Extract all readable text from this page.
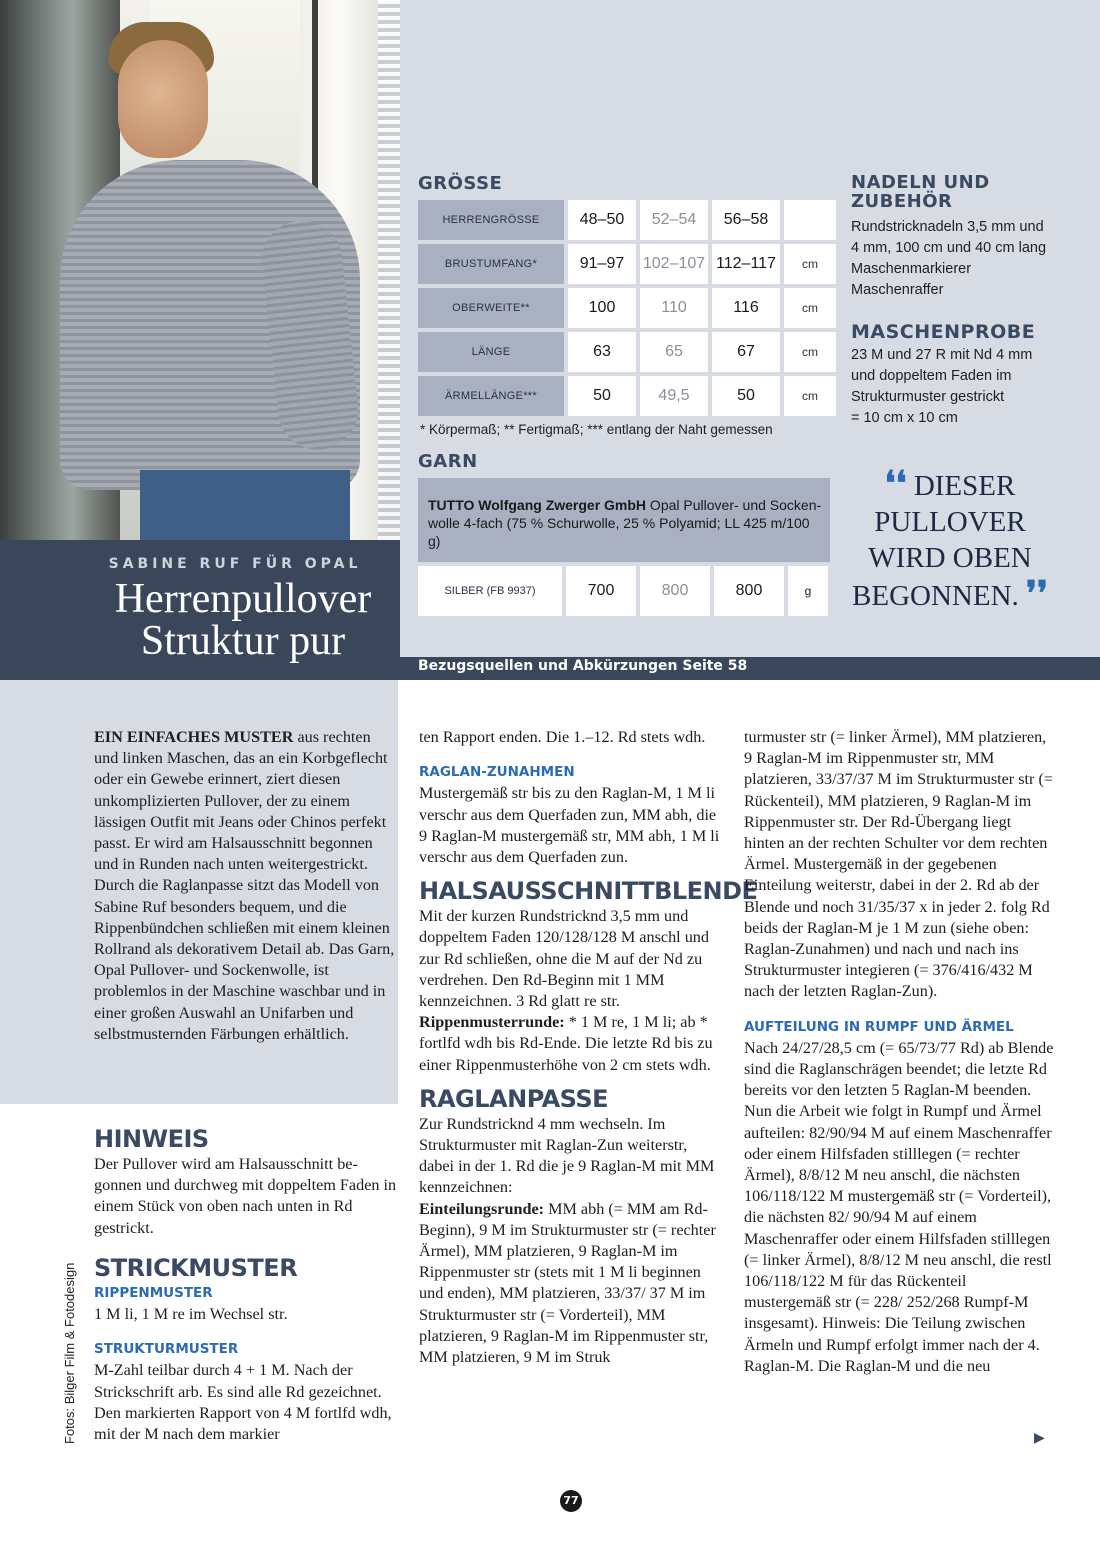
SABINE RUF FÜR OPAL
Herrenpullover
Struktur pur
Bezugsquellen und Abkürzungen Seite 58
GRÖSSE
HERRENGRÖSSE	48–50	52–54	56–58	
BRUSTUMFANG*	91–97	102–107	112–117	cm
OBERWEITE**	100	110	116	cm
LÄNGE	63	65	67	cm
ÄRMELLÄNGE***	50	49,5	50	cm
* Körpermaß; ** Fertigmaß; *** entlang der Naht gemessen
GARN
TUTTO Wolfgang Zwerger GmbH Opal Pullover- und Sockenwolle 4-fach (75 % Schurwolle, 25 % Polyamid; LL 425 m/100 g)
SILBER (FB 9937)	700	800	800	g
NADELN UND ZUBEHÖR
Rundstricknadeln 3,5 mm und
4 mm, 100 cm und 40 cm lang
Maschenmarkierer
Maschenraffer
MASCHENPROBE
23 M und 27 R mit Nd 4 mm
und doppeltem Faden im
Strukturmuster gestrickt
= 10 cm x 10 cm
❛❛ DIESER PULLOVER WIRD OBEN BEGONNEN. ❜❜

EIN EINFACHES MUSTER aus rechten und linken Maschen, das an ein Korbgeflecht oder ein Gewebe erinnert, ziert diesen unkomplizierten Pullover, der zu einem lässigen Outfit mit Jeans oder Chinos perfekt passt. Er wird am Halsausschnitt begonnen und in Runden nach unten weitergestrickt. Durch die Raglanpasse sitzt das Modell von Sabine Ruf besonders bequem, und die Rippenbündchen schließen mit einem kleinen Rollrand als dekorativem Detail ab. Das Garn, Opal Pullover- und Sockenwolle, ist problemlos in der Maschine waschbar und in einer großen Auswahl an Unifarben und selbstmusternden Färbungen erhältlich.

HINWEIS

Der Pullover wird am Halsausschnitt begonnen und durchweg mit doppeltem Faden in einem Stück von oben nach unten in Rd gestrickt.

STRICKMUSTER
RIPPENMUSTER

1 M li, 1 M re im Wechsel str.

STRUKTURMUSTER

M-Zahl teilbar durch 4 + 1 M. Nach der Strickschrift arb. Es sind alle Rd gezeichnet. Den markierten Rapport von 4 M fortlfd wdh, mit der M nach dem markier

ten Rapport enden. Die 1.–12. Rd stets wdh.

RAGLAN-ZUNAHMEN

Mustergemäß str bis zu den Raglan-M, 1 M li verschr aus dem Querfaden zun, MM abh, die 9 Raglan-M mustergemäß str, MM abh, 1 M li verschr aus dem Querfaden zun.

HALSAUSSCHNITTBLENDE

Mit der kurzen Rundstricknd 3,5 mm und doppeltem Faden 120/128/128 M anschl und zur Rd schließen, ohne die M auf der Nd zu verdrehen. Den Rd-Beginn mit 1 MM kennzeichnen. 3 Rd glatt re str.

Rippenmusterrunde: * 1 M re, 1 M li; ab * fortlfd wdh bis Rd-Ende. Die letzte Rd bis zu einer Rippenmusterhöhe von 2 cm stets wdh.

RAGLANPASSE

Zur Rundstricknd 4 mm wechseln. Im Strukturmuster mit Raglan-Zun weiterstr, dabei in der 1. Rd die je 9 Raglan-M mit MM kennzeichnen:

Einteilungsrunde: MM abh (= MM am Rd-Beginn), 9 M im Strukturmuster str (= rechter Ärmel), MM platzieren, 9 Raglan-M im Rippenmuster str (stets mit 1 M li beginnen und enden), MM platzieren, 33/37/ 37 M im Strukturmuster str (= Vorderteil), MM platzieren, 9 Raglan-M im Rippenmuster str, MM platzieren, 9 M im Struk

turmuster str (= linker Ärmel), MM platzieren, 9 Raglan-M im Rippenmuster str, MM platzieren, 33/37/37 M im Strukturmuster str (= Rückenteil), MM platzieren, 9 Raglan-M im Rippenmuster str. Der Rd-Übergang liegt hinten an der rechten Schulter vor dem rechten Ärmel. Mustergemäß in der gegebenen Einteilung weiterstr, dabei in der 2. Rd ab der Blende und noch 31/35/37 x in jeder 2. folg Rd beids der Raglan-M je 1 M zun (siehe oben: Raglan-Zunahmen) und nach und nach ins Strukturmuster integieren (= 376/416/432 M nach der letzten Raglan-Zun).

AUFTEILUNG IN RUMPF UND ÄRMEL

Nach 24/27/28,5 cm (= 65/73/77 Rd) ab Blende sind die Raglanschrägen beendet; die letzte Rd bereits vor den letzten 5 Raglan-M beenden. Nun die Arbeit wie folgt in Rumpf und Ärmel aufteilen: 82/90/94 M auf einem Maschenraffer oder einem Hilfsfaden stilllegen (= rechter Ärmel), 8/8/12 M neu anschl, die nächsten 106/118/122 M mustergemäß str (= Vorderteil), die nächsten 82/ 90/94 M auf einem Maschenraffer oder einem Hilfsfaden stilllegen (= linker Ärmel), 8/8/12 M neu anschl, die restl 106/118/122 M für das Rückenteil mustergemäß str (= 228/ 252/268 Rumpf-M insgesamt). Hinweis: Die Teilung zwischen Ärmeln und Rumpf erfolgt immer nach der 4. Raglan-M. Die Raglan-M und die neu

▶
Fotos: Bilger Film & Fotodesign
77
